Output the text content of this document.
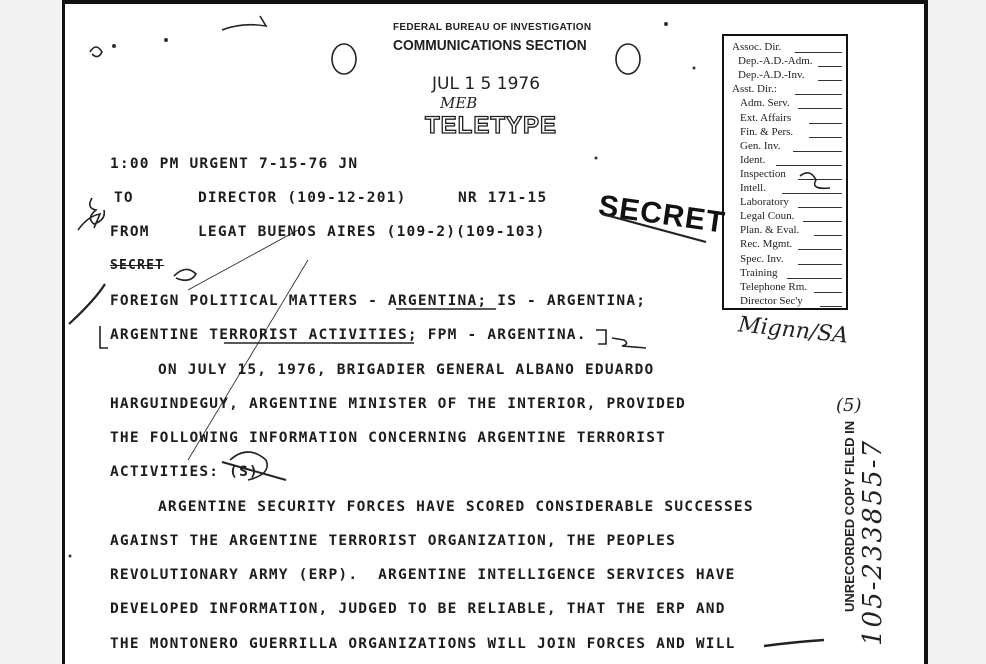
FEDERAL BUREAU OF INVESTIGATION
COMMUNICATIONS SECTION
JUL 1 5 1976
MEB
TELETYPE
Assoc. Dir.
Dep.-A.D.-Adm.
Dep.-A.D.-Inv.
Asst. Dir.:
Adm. Serv.
Ext. Affairs
Fin. & Pers.
Gen. Inv.
Ident.
Inspection
Intell.
Laboratory
Legal Coun.
Plan. & Eval.
Rec. Mgmt.
Spec. Inv.
Training
Telephone Rm.
Director Sec'y
1:00 PM URGENT 7-15-76 JN
TO	DIRECTOR (109-12-201)	NR 171-15
FROM	LEGAT BUENOS AIRES (109-2)(109-103)
SECRET
FOREIGN POLITICAL MATTERS - ARGENTINA; IS - ARGENTINA;
ARGENTINE TERRORIST ACTIVITIES; FPM - ARGENTINA.
ON JULY 15, 1976, BRIGADIER GENERAL ALBANO EDUARDO
HARGUINDEGUY, ARGENTINE MINISTER OF THE INTERIOR, PROVIDED
THE FOLLOWING INFORMATION CONCERNING ARGENTINE TERRORIST
ACTIVITIES: (S)
ARGENTINE SECURITY FORCES HAVE SCORED CONSIDERABLE SUCCESSES
AGAINST THE ARGENTINE TERRORIST ORGANIZATION, THE PEOPLES
REVOLUTIONARY ARMY (ERP).  ARGENTINE INTELLIGENCE SERVICES HAVE
DEVELOPED INFORMATION, JUDGED TO BE RELIABLE, THAT THE ERP AND
THE MONTONERO GUERRILLA ORGANIZATIONS WILL JOIN FORCES AND WILL
SECRET
Mignn/SA
UNRECORDED COPY FILED IN 105-233855-7
(5)
